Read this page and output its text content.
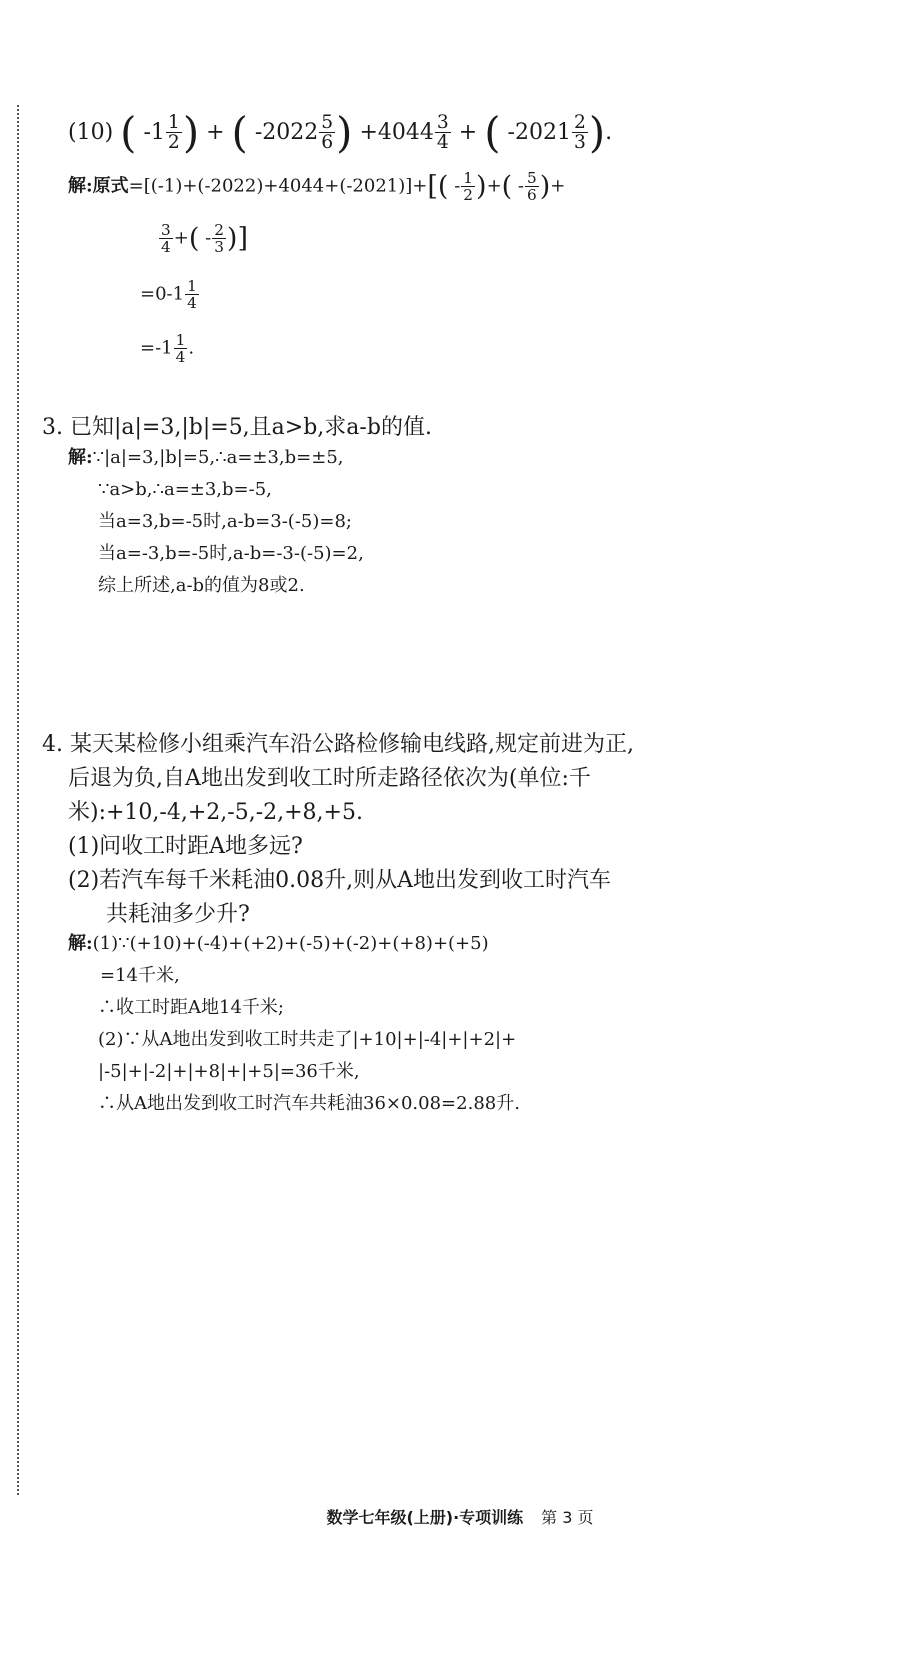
(10) ( $-1 \frac{1}{2}$ ) + ( $-2022 \frac{5}{6}$ ) $+4044 \frac{3}{4}$ + ( $-2021 \frac{2}{3}$ ).
解:原式$=[(-1)+(-2022)+4044+(-2021)]+[( - \frac{1}{2}$ )+( - $\frac{5}{6}$ )+
$\frac{3}{4}$ +( - $\frac{2}{3}$ )]
$=0-1 \frac{1}{4}$
$=-1 \frac{1}{4}$ .
3. 已知|a|=3,|b|=5,且a>b,求a-b的值.
解:∵|a|=3,|b|=5,∴a=±3,b=±5,
∵a>b,∴a=±3,b=-5,
当a=3,b=-5时,a-b=3-(-5)=8;
当a=-3,b=-5时,a-b=-3-(-5)=2,
综上所述,a-b的值为8或2.
4. 某天某检修小组乘汽车沿公路检修输电线路,规定前进为正,
后退为负,自A地出发到收工时所走路径依次为(单位:千
米):+10,-4,+2,-5,-2,+8,+5.
(1)问收工时距A地多远?
(2)若汽车每千米耗油0.08升,则从A地出发到收工时汽车
共耗油多少升?
解:(1)∵(+10)+(-4)+(+2)+(-5)+(-2)+(+8)+(+5)
=14千米,
∴收工时距A地14千米;
(2)∵从A地出发到收工时共走了|+10|+|-4|+|+2|+
|-5|+|-2|+|+8|+|+5|=36千米,
∴从A地出发到收工时汽车共耗油36×0.08=2.88升.
数学七年级(上册)·专项训练 第 3 页
